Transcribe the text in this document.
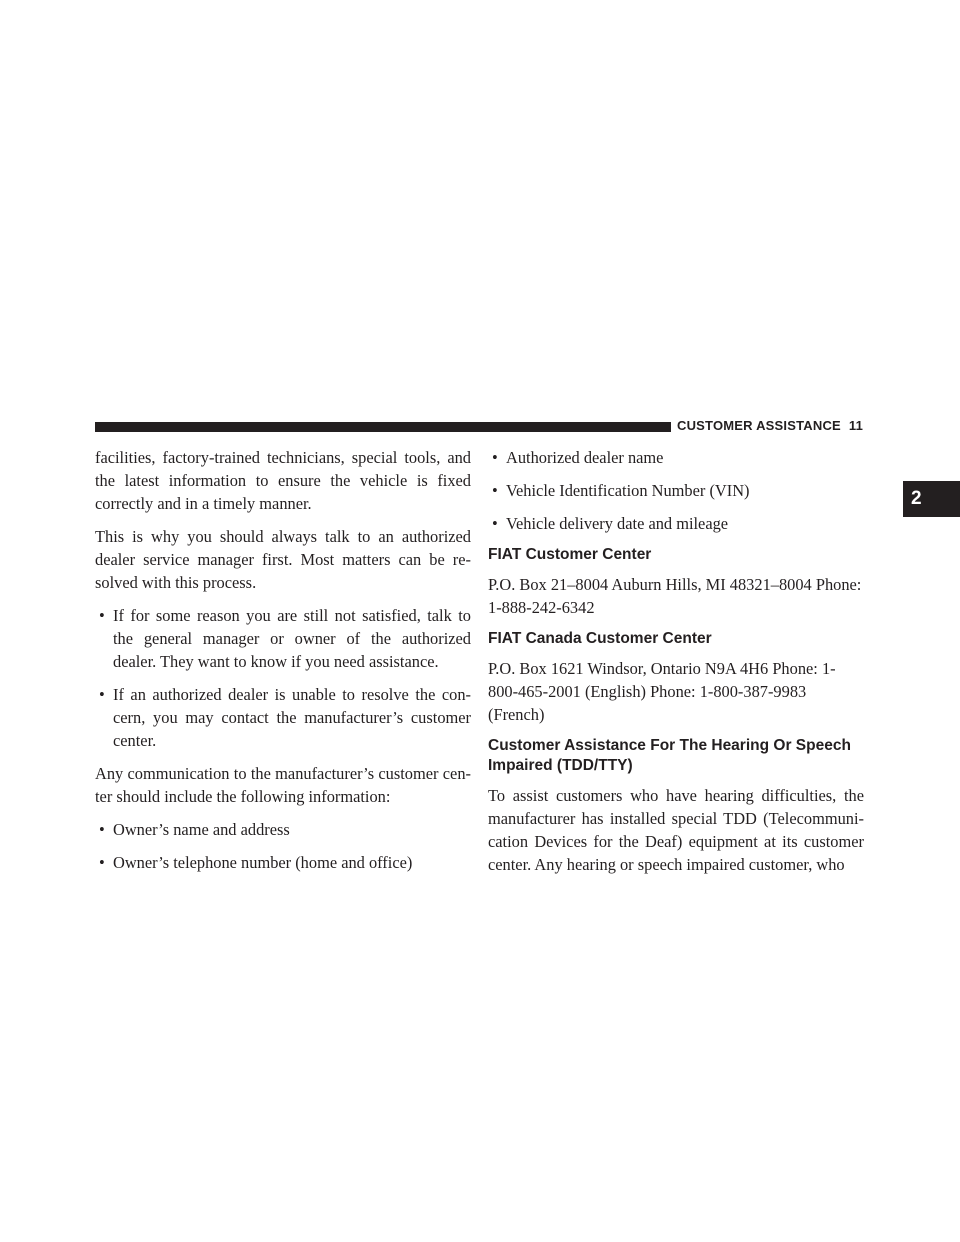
CUSTOMER ASSISTANCE 11
2

facilities, factory-trained technicians, special tools, and the latest information to ensure the vehicle is fixed correctly and in a timely manner.

This is why you should always talk to an authorized dealer service manager first. Most matters can be resolved with this process.

• If for some reason you are still not satisfied, talk to the general manager or owner of the authorized dealer. They want to know if you need assistance.
• If an authorized dealer is unable to resolve the concern, you may contact the manufacturer’s customer center.

Any communication to the manufacturer’s customer center should include the following information:

• Owner’s name and address
• Owner’s telephone number (home and office)
• Authorized dealer name
• Vehicle Identification Number (VIN)
• Vehicle delivery date and mileage
FIAT Customer Center

P.O. Box 21–8004 Auburn Hills, MI 48321–8004 Phone: 1-888-242-6342

FIAT Canada Customer Center

P.O. Box 1621 Windsor, Ontario N9A 4H6 Phone: 1-800-465-2001 (English) Phone: 1-800-387-9983 (French)

Customer Assistance For The Hearing Or Speech Impaired (TDD/TTY)

To assist customers who have hearing difficulties, the manufacturer has installed special TDD (Telecommunication Devices for the Deaf) equipment at its customer center. Any hearing or speech impaired customer, who
